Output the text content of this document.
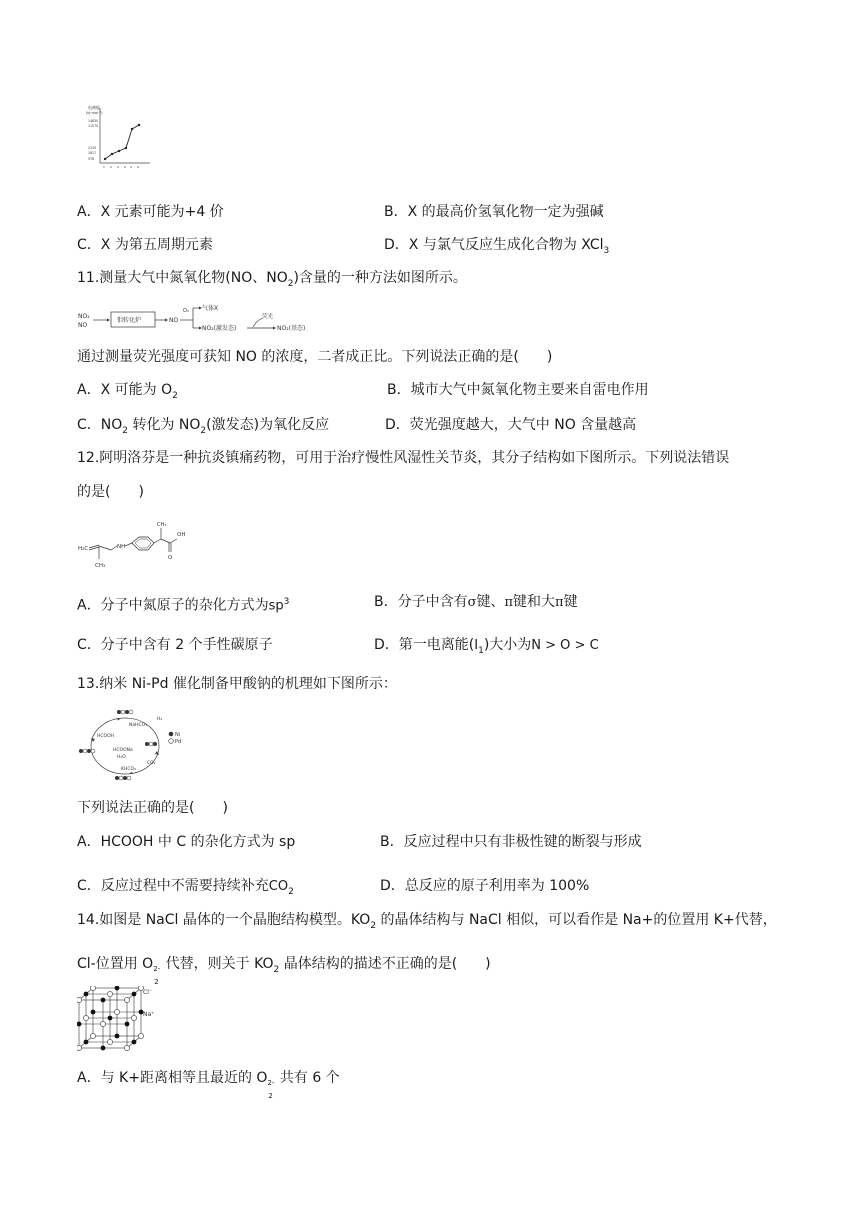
电离能
(kJ·mol⁻¹)
14830
11575
2745
1817
578
I₁ I₂ I₃ I₄ I₅ I₆
A．X 元素可能为+4 价	B．X 的最高价氢氧化物一定为强碱
C．X 为第五周期元素	D．X 与氯气反应生成化合物为 XCl$_3$
11.测量大气中氮氧化物(NO、$NO_2$)含量的一种方法如图所示。
NO₂
NO
钼转化炉	NO
O₃ 气体X
NO₂(激发态)
荧光
NO₂(基态)
通过测量荧光强度可获知 NO 的浓度，二者成正比。下列说法正确的是(　　)
A．X 可能为 $O_2$	B．城市大气中氮氧化物主要来自雷电作用
C．$NO_2$ 转化为 $NO_2$(激发态)为氧化反应	D．荧光强度越大，大气中 NO 含量越高
12.阿明洛芬是一种抗炎镇痛药物，可用于治疗慢性风湿性关节炎，其分子结构如下图所示。下列说法错误
的是(　　)
H₂C
CH₃
NH
CH₃
OH
O
A．分子中氮原子的杂化方式为$sp^3$	B．分子中含有σ键、π键和大π键
C．分子中含有 2 个手性碳原子	D．第一电离能$(I_1)$大小为N > O > C
13.纳米 Ni-Pd 催化制备甲酸钠的机理如下图所示：
NaHCO₃
H₂
HCOOH
HCOONa
H₂O
CO₂
KHCO₃
Ni
Pd
下列说法正确的是(　　)
A．HCOOH 中 C 的杂化方式为 sp	B．反应过程中只有非极性键的断裂与形成
C．反应过程中不需要持续补充$CO_2$	D．总反应的原子利用率为 100%
14.如图是 NaCl 晶体的一个晶胞结构模型。$KO_2$ 的晶体结构与 NaCl 相似，可以看作是 Na+的位置用 K+代替，
Cl-位置用 O 2-
2
代替，则关于 $KO_2$ 晶体结构的描述不正确的是(　　)
Cl⁻
Na⁺
A．与 K+距离相等且最近的 O 2-
2
共有 6 个
